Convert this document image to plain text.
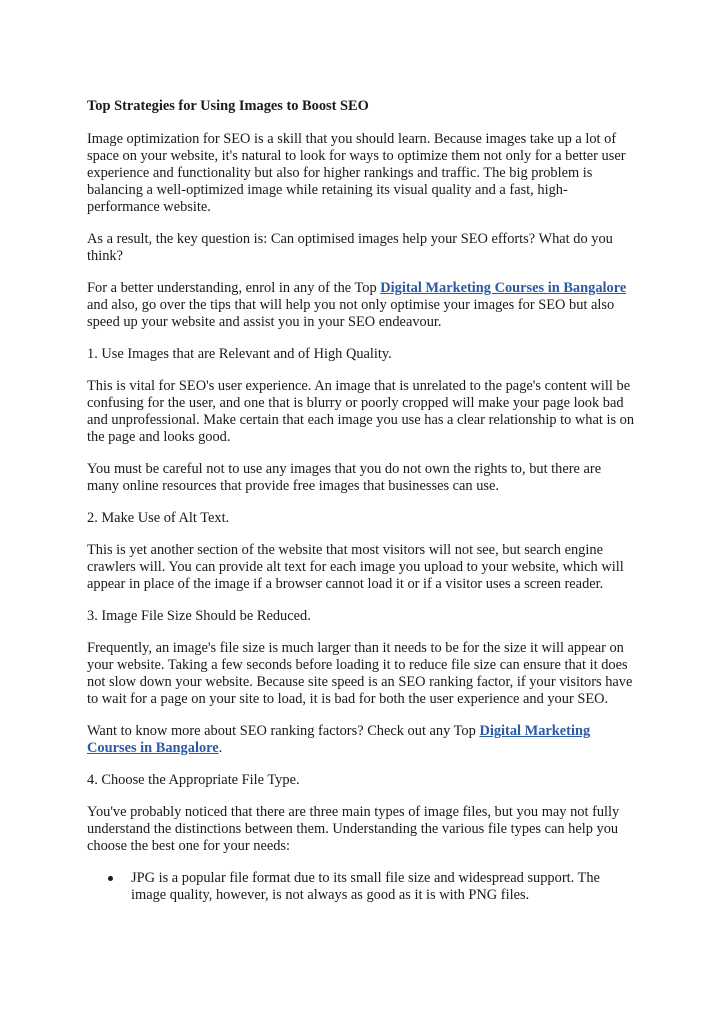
Top Strategies for Using Images to Boost SEO

Image optimization for SEO is a skill that you should learn. Because images take up a lot of space on your website, it's natural to look for ways to optimize them not only for a better user experience and functionality but also for higher rankings and traffic. The big problem is balancing a well-optimized image while retaining its visual quality and a fast, high-performance website.

As a result, the key question is: Can optimised images help your SEO efforts? What do you think?

For a better understanding, enrol in any of the Top Digital Marketing Courses in Bangalore and also, go over the tips that will help you not only optimise your images for SEO but also speed up your website and assist you in your SEO endeavour.

1. Use Images that are Relevant and of High Quality.

This is vital for SEO's user experience. An image that is unrelated to the page's content will be confusing for the user, and one that is blurry or poorly cropped will make your page look bad and unprofessional. Make certain that each image you use has a clear relationship to what is on the page and looks good.

You must be careful not to use any images that you do not own the rights to, but there are many online resources that provide free images that businesses can use.

2. Make Use of Alt Text.

This is yet another section of the website that most visitors will not see, but search engine crawlers will. You can provide alt text for each image you upload to your website, which will appear in place of the image if a browser cannot load it or if a visitor uses a screen reader.

3. Image File Size Should be Reduced.

Frequently, an image's file size is much larger than it needs to be for the size it will appear on your website. Taking a few seconds before loading it to reduce file size can ensure that it does not slow down your website. Because site speed is an SEO ranking factor, if your visitors have to wait for a page on your site to load, it is bad for both the user experience and your SEO.

Want to know more about SEO ranking factors? Check out any Top Digital Marketing Courses in Bangalore.

4. Choose the Appropriate File Type.

You've probably noticed that there are three main types of image files, but you may not fully understand the distinctions between them. Understanding the various file types can help you choose the best one for your needs:

JPG is a popular file format due to its small file size and widespread support. The image quality, however, is not always as good as it is with PNG files.
